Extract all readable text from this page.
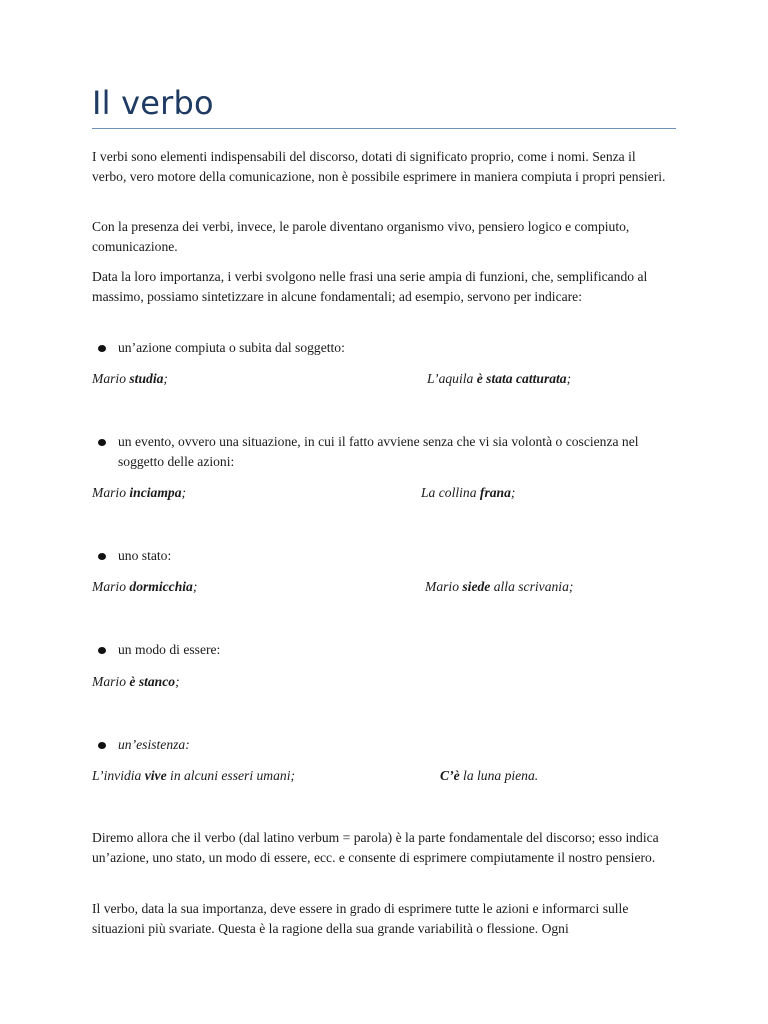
Il verbo

I verbi sono elementi indispensabili del discorso, dotati di significato proprio, come i nomi. Senza il verbo, vero motore della comunicazione, non è possibile esprimere in maniera compiuta i propri pensieri.

Con la presenza dei verbi, invece, le parole diventano organismo vivo, pensiero logico e compiuto, comunicazione.

Data la loro importanza, i verbi svolgono nelle frasi una serie ampia di funzioni, che, semplificando al massimo, possiamo sintetizzare in alcune fondamentali; ad esempio, servono per indicare:

un’azione compiuta o subita dal soggetto:
Mario studia;	L’aquila è stata catturata;
un evento, ovvero una situazione, in cui il fatto avviene senza che vi sia volontà o coscienza nel soggetto delle azioni:
Mario inciampa;	La collina frana;
uno stato:
Mario dormicchia;	Mario siede alla scrivania;
un modo di essere:
Mario è stanco;
un’esistenza:
L’invidia vive in alcuni esseri umani;	C’è la luna piena.

Diremo allora che il verbo (dal latino verbum = parola) è la parte fondamentale del discorso; esso indica un’azione, uno stato, un modo di essere, ecc. e consente di esprimere compiutamente il nostro pensiero.

Il verbo, data la sua importanza, deve essere in grado di esprimere tutte le azioni e informarci sulle situazioni più svariate. Questa è la ragione della sua grande variabilità o flessione. Ogni
